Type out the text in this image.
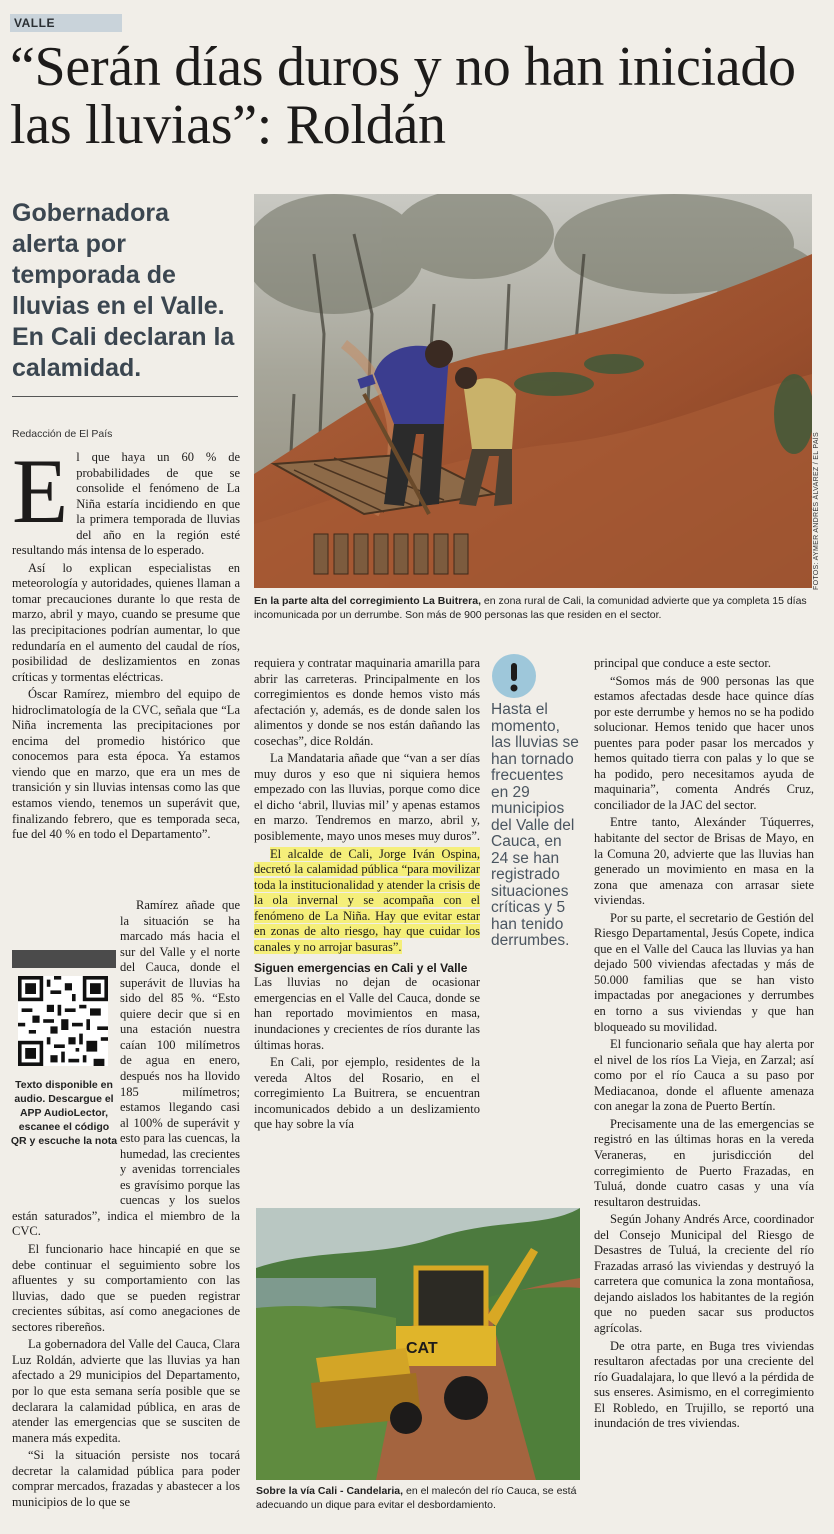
VALLE
“Serán días duros y no han iniciado las lluvias”: Roldán
Gobernadora alerta por temporada de lluvias en el Valle. En Cali declaran la calamidad.
Redacción de El País

El que haya un 60 % de probabilidades de que se consolide el fenómeno de La Niña estaría incidiendo en que la primera temporada de lluvias del año en la región esté resultando más intensa de lo esperado.

Así lo explican especialistas en meteorología y autoridades, quienes llaman a tomar precauciones durante lo que resta de marzo, abril y mayo, cuando se presume que las precipitaciones podrían aumentar, lo que redundaría en el aumento del caudal de ríos, posibilidad de deslizamientos en zonas críticas y tormentas eléctricas.

Óscar Ramírez, miembro del equipo de hidroclimatología de la CVC, señala que “La Niña incrementa las precipitaciones por encima del promedio histórico que conocemos para esta época. Ya estamos viendo que en marzo, que era un mes de transición y sin lluvias intensas como las que estamos viendo, tenemos un superávit que, finalizando febrero, que es temporada seca, fue del 40 % en todo el Departamento”.

Texto disponible en audio. Descargue el APP AudioLector, escanee el código QR y escuche la nota

Ramírez añade que la situación se ha marcado más hacia el sur del Valle y el norte del Cauca, donde el superávit de lluvias ha sido del 85 %. “Esto quiere decir que si en una estación nuestra caían 100 milímetros de agua en enero, después nos ha llovido 185 milímetros; estamos llegando casi al 100% de superávit y esto para las cuencas, la humedad, las crecientes y avenidas torrenciales es gravísimo porque las cuencas y los suelos están saturados”, indica el miembro de la CVC.

El funcionario hace hincapié en que se debe continuar el seguimiento sobre los afluentes y su comportamiento con las lluvias, dado que se pueden registrar crecientes súbitas, así como anegaciones de sectores ribereños.

La gobernadora del Valle del Cauca, Clara Luz Roldán, advierte que las lluvias ya han afectado a 29 municipios del Departamento, por lo que esta semana sería posible que se declarara la calamidad pública, en aras de atender las emergencias que se susciten de manera más expedita.

“Si la situación persiste nos tocará decretar la calamidad pública para poder comprar mercados, frazadas y abastecer a los municipios de lo que se

FOTOS: AYMER ANDRÉS ÁLVAREZ / EL PAÍS
En la parte alta del corregimiento La Buitrera, en zona rural de Cali, la comunidad advierte que ya completa 15 días incomunicada por un derrumbe. Son más de 900 personas las que residen en el sector.

requiera y contratar maquinaria amarilla para abrir las carreteras. Principalmente en los corregimientos es donde hemos visto más afectación y, además, es de donde salen los alimentos y donde se nos están dañando las cosechas”, dice Roldán.

La Mandataria añade que “van a ser días muy duros y eso que ni siquiera hemos empezado con las lluvias, porque como dice el dicho ‘abril, lluvias mil’ y apenas estamos en marzo. Tendremos en marzo, abril y, posiblemente, mayo unos meses muy duros”.

El alcalde de Cali, Jorge Iván Ospina, decretó la calamidad pública “para movilizar toda la institucionalidad y atender la crisis de la ola invernal y se acompaña con el fenómeno de La Niña. Hay que evitar estar en zonas de alto riesgo, hay que cuidar los canales y no arrojar basuras”.

Siguen emergencias en Cali y el Valle

Las lluvias no dejan de ocasionar emergencias en el Valle del Cauca, donde se han reportado movimientos en masa, inundaciones y crecientes de ríos durante las últimas horas.

En Cali, por ejemplo, residentes de la vereda Altos del Rosario, en el corregimiento La Buitrera, se encuentran incomunicados debido a un deslizamiento que hay sobre la vía

Hasta el momento, las lluvias se han tornado frecuentes en 29 municipios del Valle del Cauca, en 24 se han registrado situaciones críticas y 5 han tenido derrumbes.
CAT
Sobre la vía Cali - Candelaria, en el malecón del río Cauca, se está adecuando un dique para evitar el desbordamiento.

principal que conduce a este sector.

“Somos más de 900 personas las que estamos afectadas desde hace quince días por este derrumbe y hemos no se ha podido solucionar. Hemos tenido que hacer unos puentes para poder pasar los mercados y hemos quitado tierra con palas y lo que se ha podido, pero necesitamos ayuda de maquinaria”, comenta Andrés Cruz, conciliador de la JAC del sector.

Entre tanto, Alexánder Túquerres, habitante del sector de Brisas de Mayo, en la Comuna 20, advierte que las lluvias han generado un movimiento en masa en la zona que amenaza con arrasar siete viviendas.

Por su parte, el secretario de Gestión del Riesgo Departamental, Jesús Copete, indica que en el Valle del Cauca las lluvias ya han dejado 500 viviendas afectadas y más de 50.000 familias que se han visto impactadas por anegaciones y derrumbes en torno a sus viviendas y que han bloqueado su movilidad.

El funcionario señala que hay alerta por el nivel de los ríos La Vieja, en Zarzal; así como por el río Cauca a su paso por Mediacanoa, donde el afluente amenaza con anegar la zona de Puerto Bertín.

Precisamente una de las emergencias se registró en las últimas horas en la vereda Veraneras, en jurisdicción del corregimiento de Puerto Frazadas, en Tuluá, donde cuatro casas y una vía resultaron destruidas.

Según Johany Andrés Arce, coordinador del Consejo Municipal del Riesgo de Desastres de Tuluá, la creciente del río Frazadas arrasó las viviendas y destruyó la carretera que comunica la zona montañosa, dejando aislados los habitantes de la región que no pueden sacar sus productos agrícolas.

De otra parte, en Buga tres viviendas resultaron afectadas por una creciente del río Guadalajara, lo que llevó a la pérdida de sus enseres. Asimismo, en el corregimiento El Robledo, en Trujillo, se reportó una inundación de tres viviendas.
